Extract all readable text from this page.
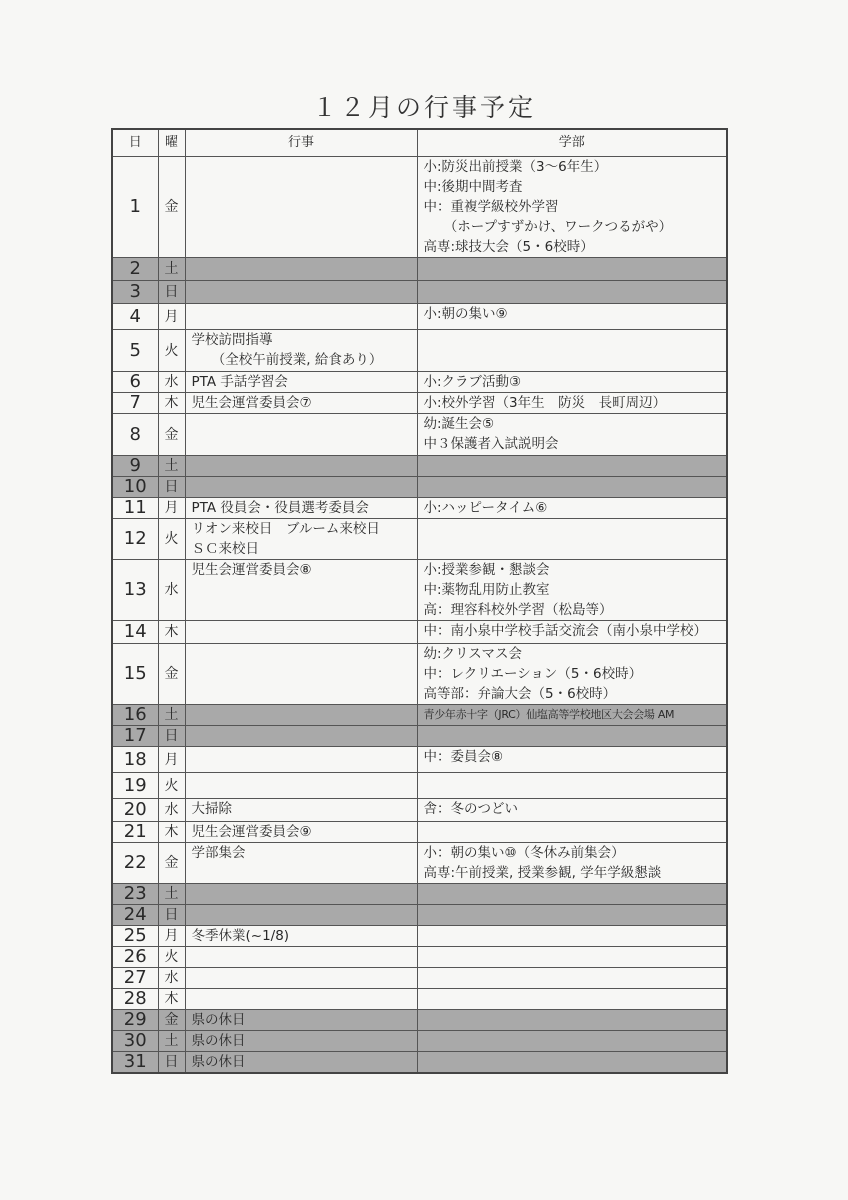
１２月の行事予定
日	曜	行事	学部
1	金		小:防災出前授業（3～6年生）
中:後期中間考査
中：重複学級校外学習
　　（ホープすずかけ、ワークつるがや）
高専:球技大会（5・6校時）

2	土		
3	日		
4	月		小:朝の集い⑨

5	火	学校訪問指導
　　（全校午前授業, 給食あり）	

6	水	PTA 手話学習会	小:クラブ活動③

7	木	児生会運営委員会⑦	小:校外学習（3年生　防災　長町周辺）

8	金		幼:誕生会⑤
中３保護者入試説明会

9	土		
10	日		
11	月	PTA 役員会・役員選考委員会	小:ハッピータイム⑥

12	火	リオン来校日　ブルーム来校日
ＳＣ来校日	

13	水	児生会運営委員会⑧	小:授業参観・懇談会
中:薬物乱用防止教室
高：理容科校外学習（松島等）

14	木		中：南小泉中学校手話交流会（南小泉中学校）

15	金		幼:クリスマス会
中：レクリエーション（5・6校時）
高等部：弁論大会（5・6校時）

16	土		青少年赤十字（JRC）仙塩高等学校地区大会会場 AM

17	日		
18	月		中：委員会⑧

19	火		
20	水	大掃除	舎：冬のつどい

21	木	児生会運営委員会⑨	

22	金	学部集会	小：朝の集い⑩（冬休み前集会）
高専:午前授業, 授業参観, 学年学級懇談

23	土		
24	日		
25	月	冬季休業(~1/8)	

26	火		
27	水		
28	木		
29	金	県の休日	

30	土	県の休日	

31	日	県の休日	
